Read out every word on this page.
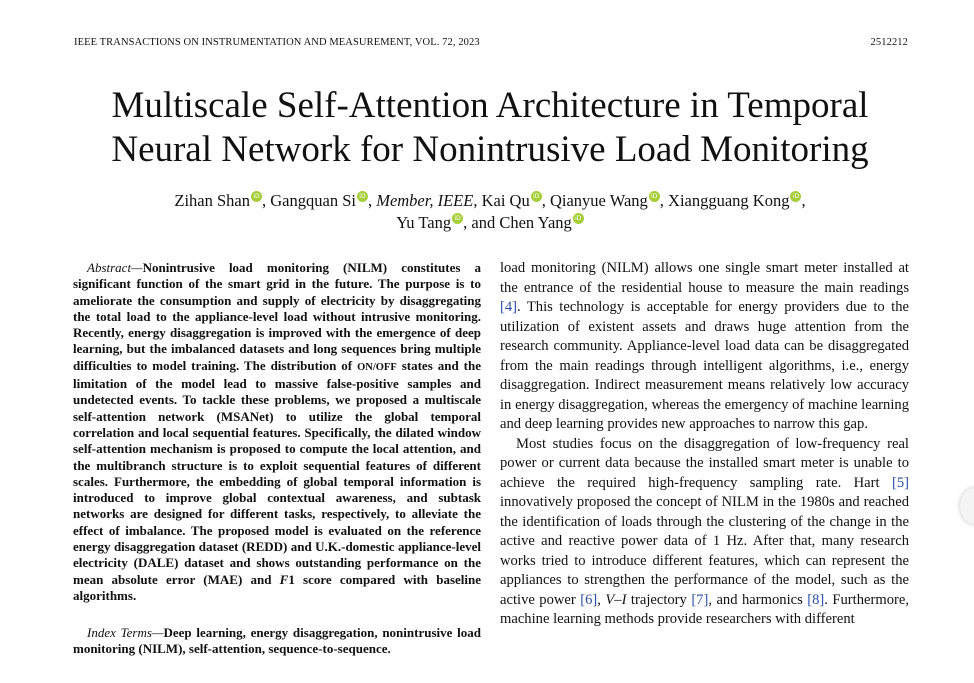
IEEE TRANSACTIONS ON INSTRUMENTATION AND MEASUREMENT, VOL. 72, 2023	2512212
Multiscale Self-Attention Architecture in Temporal
Neural Network for Nonintrusive Load Monitoring
Zihan Shan iD , Gangquan Si iD , Member, IEEE, Kai Qu iD , Qianyue Wang iD , Xiangguang Kong iD ,
Yu Tang iD , and Chen Yang iD
Abstract—Nonintrusive load monitoring (NILM) constitutes a significant function of the smart grid in the future. The purpose is to ameliorate the consumption and supply of electricity by disaggregating the total load to the appliance-level load without intrusive monitoring. Recently, energy disaggregation is improved with the emergence of deep learning, but the imbalanced datasets and long sequences bring multiple difficulties to model training. The distribution of ON/OFF states and the limitation of the model lead to massive false-positive samples and undetected events. To tackle these problems, we proposed a multiscale self-attention network (MSANet) to utilize the global temporal correlation and local sequential features. Specifically, the dilated window self-attention mechanism is proposed to compute the local attention, and the multibranch structure is to exploit sequential features of different scales. Furthermore, the embedding of global temporal information is introduced to improve global contextual awareness, and subtask networks are designed for different tasks, respectively, to alleviate the effect of imbalance. The proposed model is evaluated on the reference energy disaggregation dataset (REDD) and U.K.-domestic appliance-level electricity (DALE) dataset and shows outstanding performance on the mean absolute error (MAE) and F1 score compared with baseline algorithms.
Index Terms—Deep learning, energy disaggregation, nonintrusive load monitoring (NILM), self-attention, sequence-to-sequence.

load monitoring (NILM) allows one single smart meter installed at the entrance of the residential house to measure the main readings [4]. This technology is acceptable for energy providers due to the utilization of existent assets and draws huge attention from the research community. Appliance-level load data can be disaggregated from the main readings through intelligent algorithms, i.e., energy disaggregation. Indirect measurement means relatively low accuracy in energy disaggregation, whereas the emergency of machine learning and deep learning provides new approaches to narrow this gap.

Most studies focus on the disaggregation of low-frequency real power or current data because the installed smart meter is unable to achieve the required high-frequency sampling rate. Hart [5] innovatively proposed the concept of NILM in the 1980s and reached the identification of loads through the clustering of the change in the active and reactive power data of 1 Hz. After that, many research works tried to introduce different features, which can represent the appliances to strengthen the performance of the model, such as the active power [6], V–I trajectory [7], and harmonics [8]. Furthermore, machine learning methods provide researchers with different
